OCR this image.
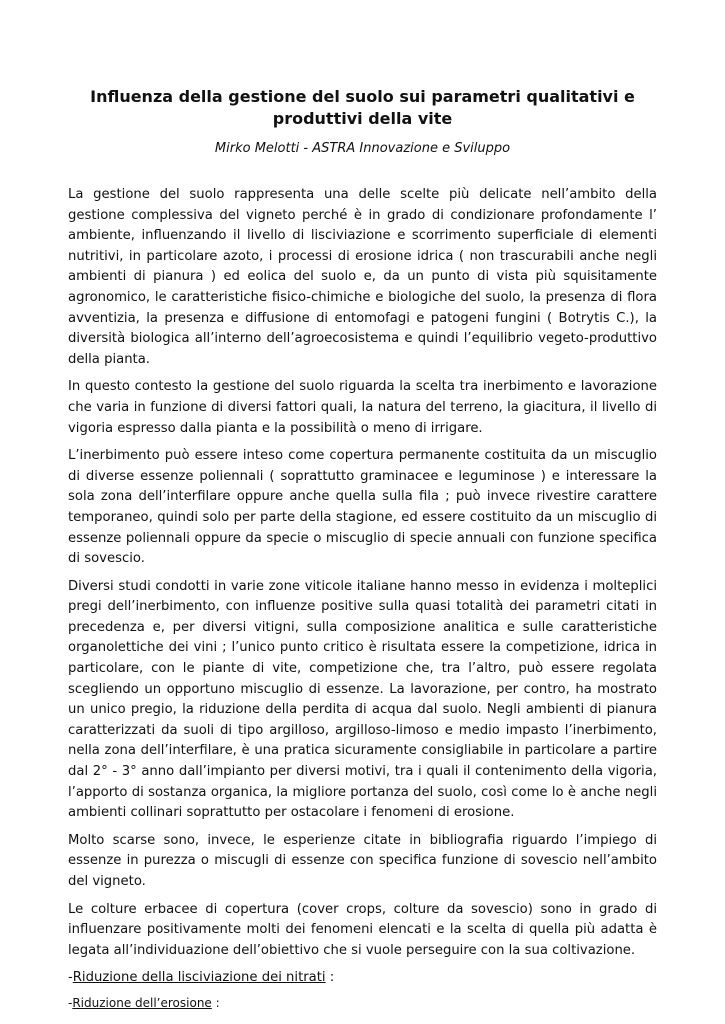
Influenza della gestione del suolo sui parametri qualitativi e produttivi della vite
Mirko Melotti - ASTRA Innovazione e Sviluppo

La gestione del suolo rappresenta una delle scelte più delicate nell’ambito della gestione complessiva del vigneto perché è in grado di condizionare profondamente l’ ambiente, influenzando il livello di lisciviazione e scorrimento superficiale di elementi nutritivi, in particolare azoto, i processi di erosione idrica ( non trascurabili anche negli ambienti di pianura ) ed eolica del suolo e, da un punto di vista più squisitamente agronomico, le caratteristiche fisico-chimiche e biologiche del suolo, la presenza di flora avventizia, la presenza e diffusione di entomofagi e patogeni fungini ( Botrytis C.), la diversità biologica all’interno dell’agroecosistema e quindi l’equilibrio vegeto-produttivo della pianta.

In questo contesto la gestione del suolo riguarda la scelta tra inerbimento e lavorazione che varia in funzione di diversi fattori quali, la natura del terreno, la giacitura, il livello di vigoria espresso dalla pianta e la possibilità o meno di irrigare.

L’inerbimento può essere inteso come copertura permanente costituita da un miscuglio di diverse essenze poliennali ( soprattutto graminacee e leguminose ) e interessare la sola zona dell’interfilare oppure anche quella sulla fila ; può invece rivestire carattere temporaneo, quindi solo per parte della stagione, ed essere costituito da un miscuglio di essenze poliennali oppure da specie o miscuglio di specie annuali con funzione specifica di sovescio.

Diversi studi condotti in varie zone viticole italiane hanno messo in evidenza i molteplici pregi dell’inerbimento, con influenze positive sulla quasi totalità dei parametri citati in precedenza e, per diversi vitigni, sulla composizione analitica e sulle caratteristiche organolettiche dei vini ; l’unico punto critico è risultata essere la competizione, idrica in particolare, con le piante di vite, competizione che, tra l’altro, può essere regolata scegliendo un opportuno miscuglio di essenze. La lavorazione, per contro, ha mostrato un unico pregio, la riduzione della perdita di acqua dal suolo. Negli ambienti di pianura caratterizzati da suoli di tipo argilloso, argilloso-limoso e medio impasto l’inerbimento, nella zona dell’interfilare, è una pratica sicuramente consigliabile in particolare a partire dal 2° - 3° anno dall’impianto per diversi motivi, tra i quali il contenimento della vigoria, l’apporto di sostanza organica, la migliore portanza del suolo, così come lo è anche negli ambienti collinari soprattutto per ostacolare i fenomeni di erosione.

Molto scarse sono, invece, le esperienze citate in bibliografia riguardo l’impiego di essenze in purezza o miscugli di essenze con specifica funzione di sovescio nell’ambito del vigneto.

Le colture erbacee di copertura (cover crops, colture da sovescio) sono in grado di influenzare positivamente molti dei fenomeni elencati e la scelta di quella più adatta è legata all’individuazione dell’obiettivo che si vuole perseguire con la sua coltivazione.

-Riduzione della lisciviazione dei nitrati :
-Riduzione dell’erosione :
